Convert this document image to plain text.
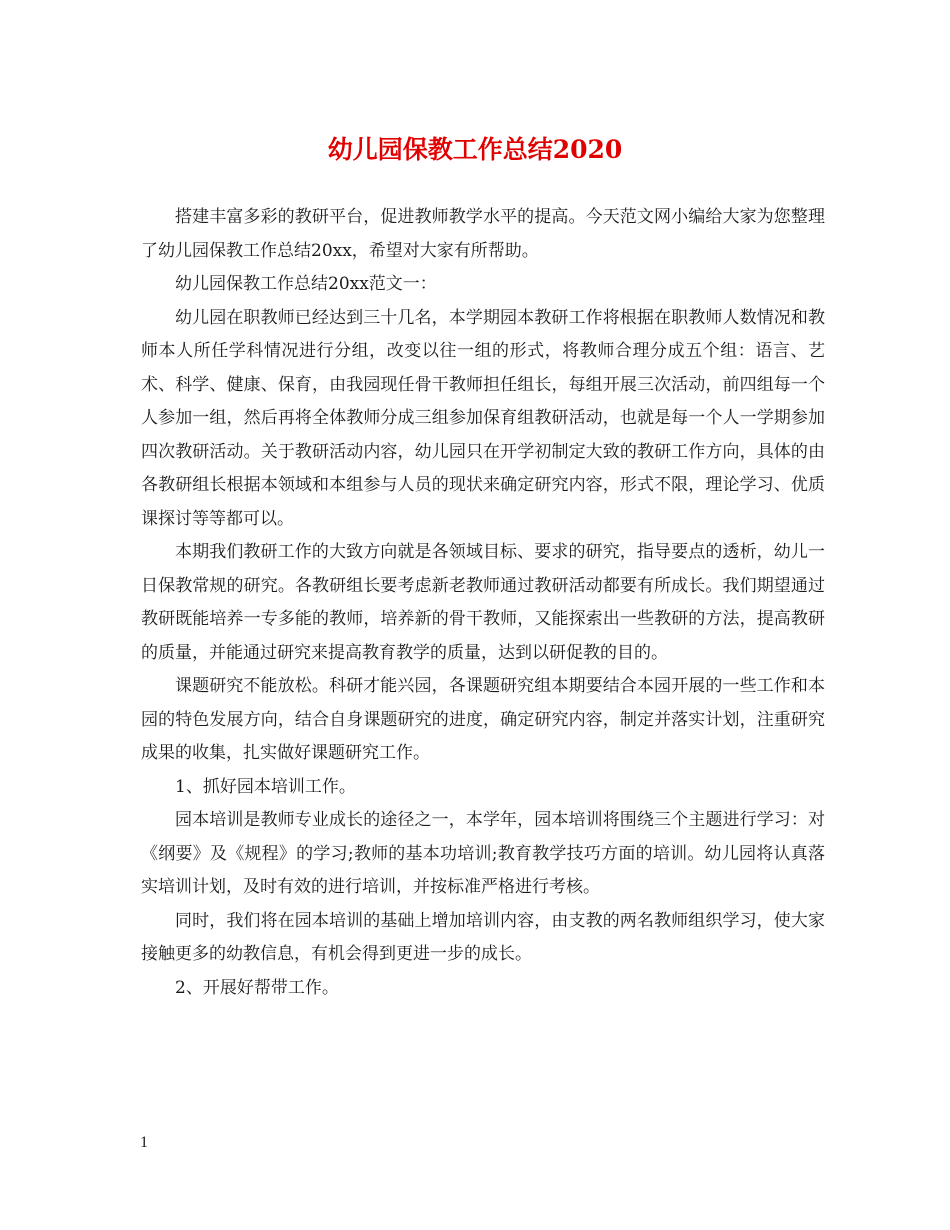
幼儿园保教工作总结2020

搭建丰富多彩的教研平台，促进教师教学水平的提高。今天范文网小编给大家为您整理了幼儿园保教工作总结20xx，希望对大家有所帮助。

幼儿园保教工作总结20xx范文一：

幼儿园在职教师已经达到三十几名，本学期园本教研工作将根据在职教师人数情况和教师本人所任学科情况进行分组，改变以往一组的形式，将教师合理分成五个组：语言、艺术、科学、健康、保育，由我园现任骨干教师担任组长，每组开展三次活动，前四组每一个人参加一组，然后再将全体教师分成三组参加保育组教研活动，也就是每一个人一学期参加四次教研活动。关于教研活动内容，幼儿园只在开学初制定大致的教研工作方向，具体的由各教研组长根据本领域和本组参与人员的现状来确定研究内容，形式不限，理论学习、优质课探讨等等都可以。

本期我们教研工作的大致方向就是各领域目标、要求的研究，指导要点的透析，幼儿一日保教常规的研究。各教研组长要考虑新老教师通过教研活动都要有所成长。我们期望通过教研既能培养一专多能的教师，培养新的骨干教师，又能探索出一些教研的方法，提高教研的质量，并能通过研究来提高教育教学的质量，达到以研促教的目的。

课题研究不能放松。科研才能兴园，各课题研究组本期要结合本园开展的一些工作和本园的特色发展方向，结合自身课题研究的进度，确定研究内容，制定并落实计划，注重研究成果的收集，扎实做好课题研究工作。

1、抓好园本培训工作。

园本培训是教师专业成长的途径之一，本学年，园本培训将围绕三个主题进行学习：对《纲要》及《规程》的学习;教师的基本功培训;教育教学技巧方面的培训。幼儿园将认真落实培训计划，及时有效的进行培训，并按标准严格进行考核。

同时，我们将在园本培训的基础上增加培训内容，由支教的两名教师组织学习，使大家接触更多的幼教信息，有机会得到更进一步的成长。

2、开展好帮带工作。

1
